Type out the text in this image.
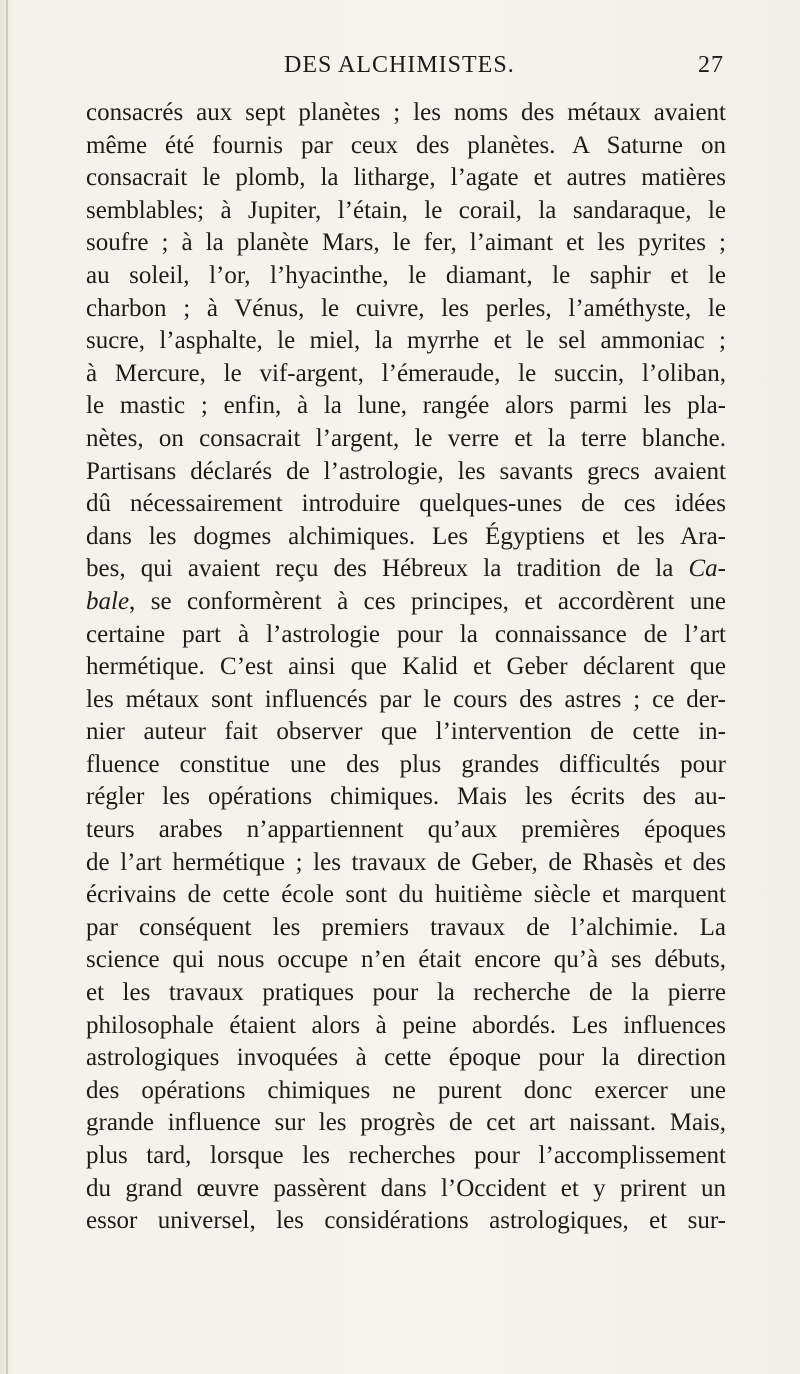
DES ALCHIMISTES.	27
consacrés aux sept planètes ; les noms des métaux avaient
même été fournis par ceux des planètes. A Saturne on
consacrait le plomb, la litharge, l’agate et autres matières
semblables; à Jupiter, l’étain, le corail, la sandaraque, le
soufre ; à la planète Mars, le fer, l’aimant et les pyrites ;
au soleil, l’or, l’hyacinthe, le diamant, le saphir et le
charbon ; à Vénus, le cuivre, les perles, l’améthyste, le
sucre, l’asphalte, le miel, la myrrhe et le sel ammoniac ;
à Mercure, le vif-argent, l’émeraude, le succin, l’oliban,
le mastic ; enfin, à la lune, rangée alors parmi les pla-
nètes, on consacrait l’argent, le verre et la terre blanche.
Partisans déclarés de l’astrologie, les savants grecs avaient
dû nécessairement introduire quelques-unes de ces idées
dans les dogmes alchimiques. Les Égyptiens et les Ara-
bes, qui avaient reçu des Hébreux la tradition de la Ca-
bale, se conformèrent à ces principes, et accordèrent une
certaine part à l’astrologie pour la connaissance de l’art
hermétique. C’est ainsi que Kalid et Geber déclarent que
les métaux sont influencés par le cours des astres ; ce der-
nier auteur fait observer que l’intervention de cette in-
fluence constitue une des plus grandes difficultés pour
régler les opérations chimiques. Mais les écrits des au-
teurs arabes n’appartiennent qu’aux premières époques
de l’art hermétique ; les travaux de Geber, de Rhasès et des
écrivains de cette école sont du huitième siècle et marquent
par conséquent les premiers travaux de l’alchimie. La
science qui nous occupe n’en était encore qu’à ses débuts,
et les travaux pratiques pour la recherche de la pierre
philosophale étaient alors à peine abordés. Les influences
astrologiques invoquées à cette époque pour la direction
des opérations chimiques ne purent donc exercer une
grande influence sur les progrès de cet art naissant. Mais,
plus tard, lorsque les recherches pour l’accomplissement
du grand œuvre passèrent dans l’Occident et y prirent un
essor universel, les considérations astrologiques, et sur-
